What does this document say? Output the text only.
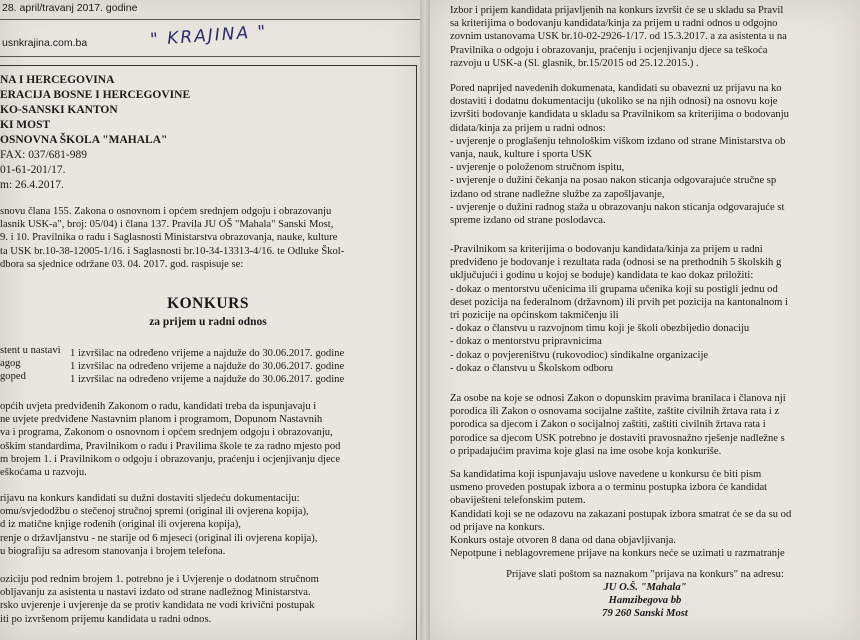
28. april/travanj 2017. godine
usnkrajina.com.ba	" KRAJINA "
NA I HERCEGOVINA
ERACIJA BOSNE I HERCEGOVINE
KO-SANSKI KANTON
KI MOST
OSNOVNA ŠKOLA "MAHALA"
FAX: 037/681-989
01-61-201/17.
m: 26.4.2017.
snovu člana 155. Zakona o osnovnom i općem srednjem odgoju i obrazovanju
lasnik USK-a", broj: 05/04) i člana 137. Pravila JU OŠ "Mahala" Sanski Most,
9. i 10. Pravilnika o radu i Saglasnosti Ministarstva obrazovanja, nauke, kulture
ta USK br.10-38-12005-1/16. i Saglasnosti br.10-34-13313-4/16. te Odluke Škol-
dbora sa sjednice održane 03. 04. 2017. god. raspisuje se:
KONKURS
za prijem u radni odnos
stent u nastavi 1 izvršilac na određeno vrijeme a najduže do 30.06.2017. godine
agog	1 izvršilac na određeno vrijeme a najduže do 30.06.2017. godine
goped	1 izvršilac na određeno vrijeme a najduže do 30.06.2017. godine
općih uvjeta predviđenih Zakonom o radu, kandidati treba da ispunjavaju i
ne uvjete predviđene Nastavnim planom i programom, Dopunom Nastavnih
va i programa, Zakonom o osnovnom i općem srednjem odgoju i obrazovanju,
oškim standardima, Pravilnikom o radu i Pravilima škole te za radno mjesto pod
m brojem 1. i Pravilnikom o odgoju i obrazovanju, praćenju i ocjenjivanju djece
eškoćama u razvoju.
rijavu na konkurs kandidati su dužni dostaviti sljedeću dokumentaciju:
omu/svjedodžbu o stečenoj stručnoj spremi (original ili ovjerena kopija),
d iz matične knjige rođenih (original ili ovjerena kopija),
renje o državljanstvu - ne starije od 6 mjeseci (original ili ovjerena kopija),
u biografiju sa adresom stanovanja i brojem telefona.
oziciju pod rednim brojem 1. potrebno je i Uvjerenje o dodatnom stručnom
obljavanju za asistenta u nastavi izdato od strane nadležnog Ministarstva.
rsko uvjerenje i uvjerenje da se protiv kandidata ne vodi krivični postupak
iti po izvršenom prijemu kandidata u radni odnos.
Izbor i prijem kandidata prijavljenih na konkurs izvršit će se u skladu sa Pravil
sa kriterijima o bodovanju kandidata/kinja za prijem u radni odnos u odgojno
zovnim ustanovama USK br.10-02-2926-1/17. od 15.3.2017. a za asistenta u na
Pravilnika o odgoju i obrazovanju, praćenju i ocjenjivanju djece sa teškoća
razvoju u USK-a (Sl. glasnik, br.15/2015 od 25.12.2015.) .
Pored naprijed navedenih dokumenata, kandidati su obavezni uz prijavu na ko
dostaviti i dodatnu dokumentaciju (ukoliko se na njih odnosi) na osnovu koje
izvršiti bodovanje kandidata u skladu sa Pravilnikom sa kriterijima o bodovanju
didata/kinja za prijem u radni odnos:
- uvjerenje o proglašenju tehnološkim viškom izdano od strane Ministarstva ob
vanja, nauk, kulture i sporta USK
- uvjerenje o položenom stručnom ispitu,
- uvjerenje o dužini čekanja na posao nakon sticanja odgovarajuće stručne sp
izdano od strane nadležne službe za zapošljavanje,
- uvjerenje o dužini radnog staža u obrazovanju nakon sticanja odgovarajuće st
spreme izdano od strane poslodavca.
-Pravilnikom sa kriterijima o bodovanju kandidata/kinja za prijem u radni
predviđeno je bodovanje i rezultata rada (odnosi se na prethodnih 5 školskih g
uključujući i godinu u kojoj se boduje) kandidata te kao dokaz priložiti:
- dokaz o mentorstvu učenicima ili grupama učenika koji su postigli jednu od
deset pozicija na federalnom (državnom) ili prvih pet pozicija na kantonalnom i
tri pozicije na općinskom takmičenju ili
- dokaz o članstvu u razvojnom timu koji je školi obezbijedio donaciju
- dokaz o mentorstvu pripravnicima
- dokaz o povjereništvu (rukovodioc) sindikalne organizacije
- dokaz o članstvu u Školskom odboru
Za osobe na koje se odnosi Zakon o dopunskim pravima branilaca i članova nji
porodica ili Zakon o osnovama socijalne zaštite, zaštite civilnih žrtava rata i z
porodica sa djecom i Zakon o socijalnoj zaštiti, zaštiti civilnih žrtava rata i
porodice sa djecom USK potrebno je dostaviti pravosnažno rješenje nadležne s
o pripadajućim pravima koje glasi na ime osobe koja konkuriše.
Sa kandidatima koji ispunjavaju uslove navedene u konkursu će biti pism
usmeno proveden postupak izbora a o terminu postupka izbora će kandidat
obaviješteni telefonskim putem.
Kandidati koji se ne odazovu na zakazani postupak izbora smatrat će se da su od
od prijave na konkurs.
Konkurs ostaje otvoren 8 dana od dana objavljivanja.
Nepotpune i neblagovremene prijave na konkurs neće se uzimati u razmatranje
Prijave slati poštom sa naznakom "prijava na konkurs" na adresu:
JU O.Š. "Mahala"
Hamzibegova bb
79 260 Sanski Most
